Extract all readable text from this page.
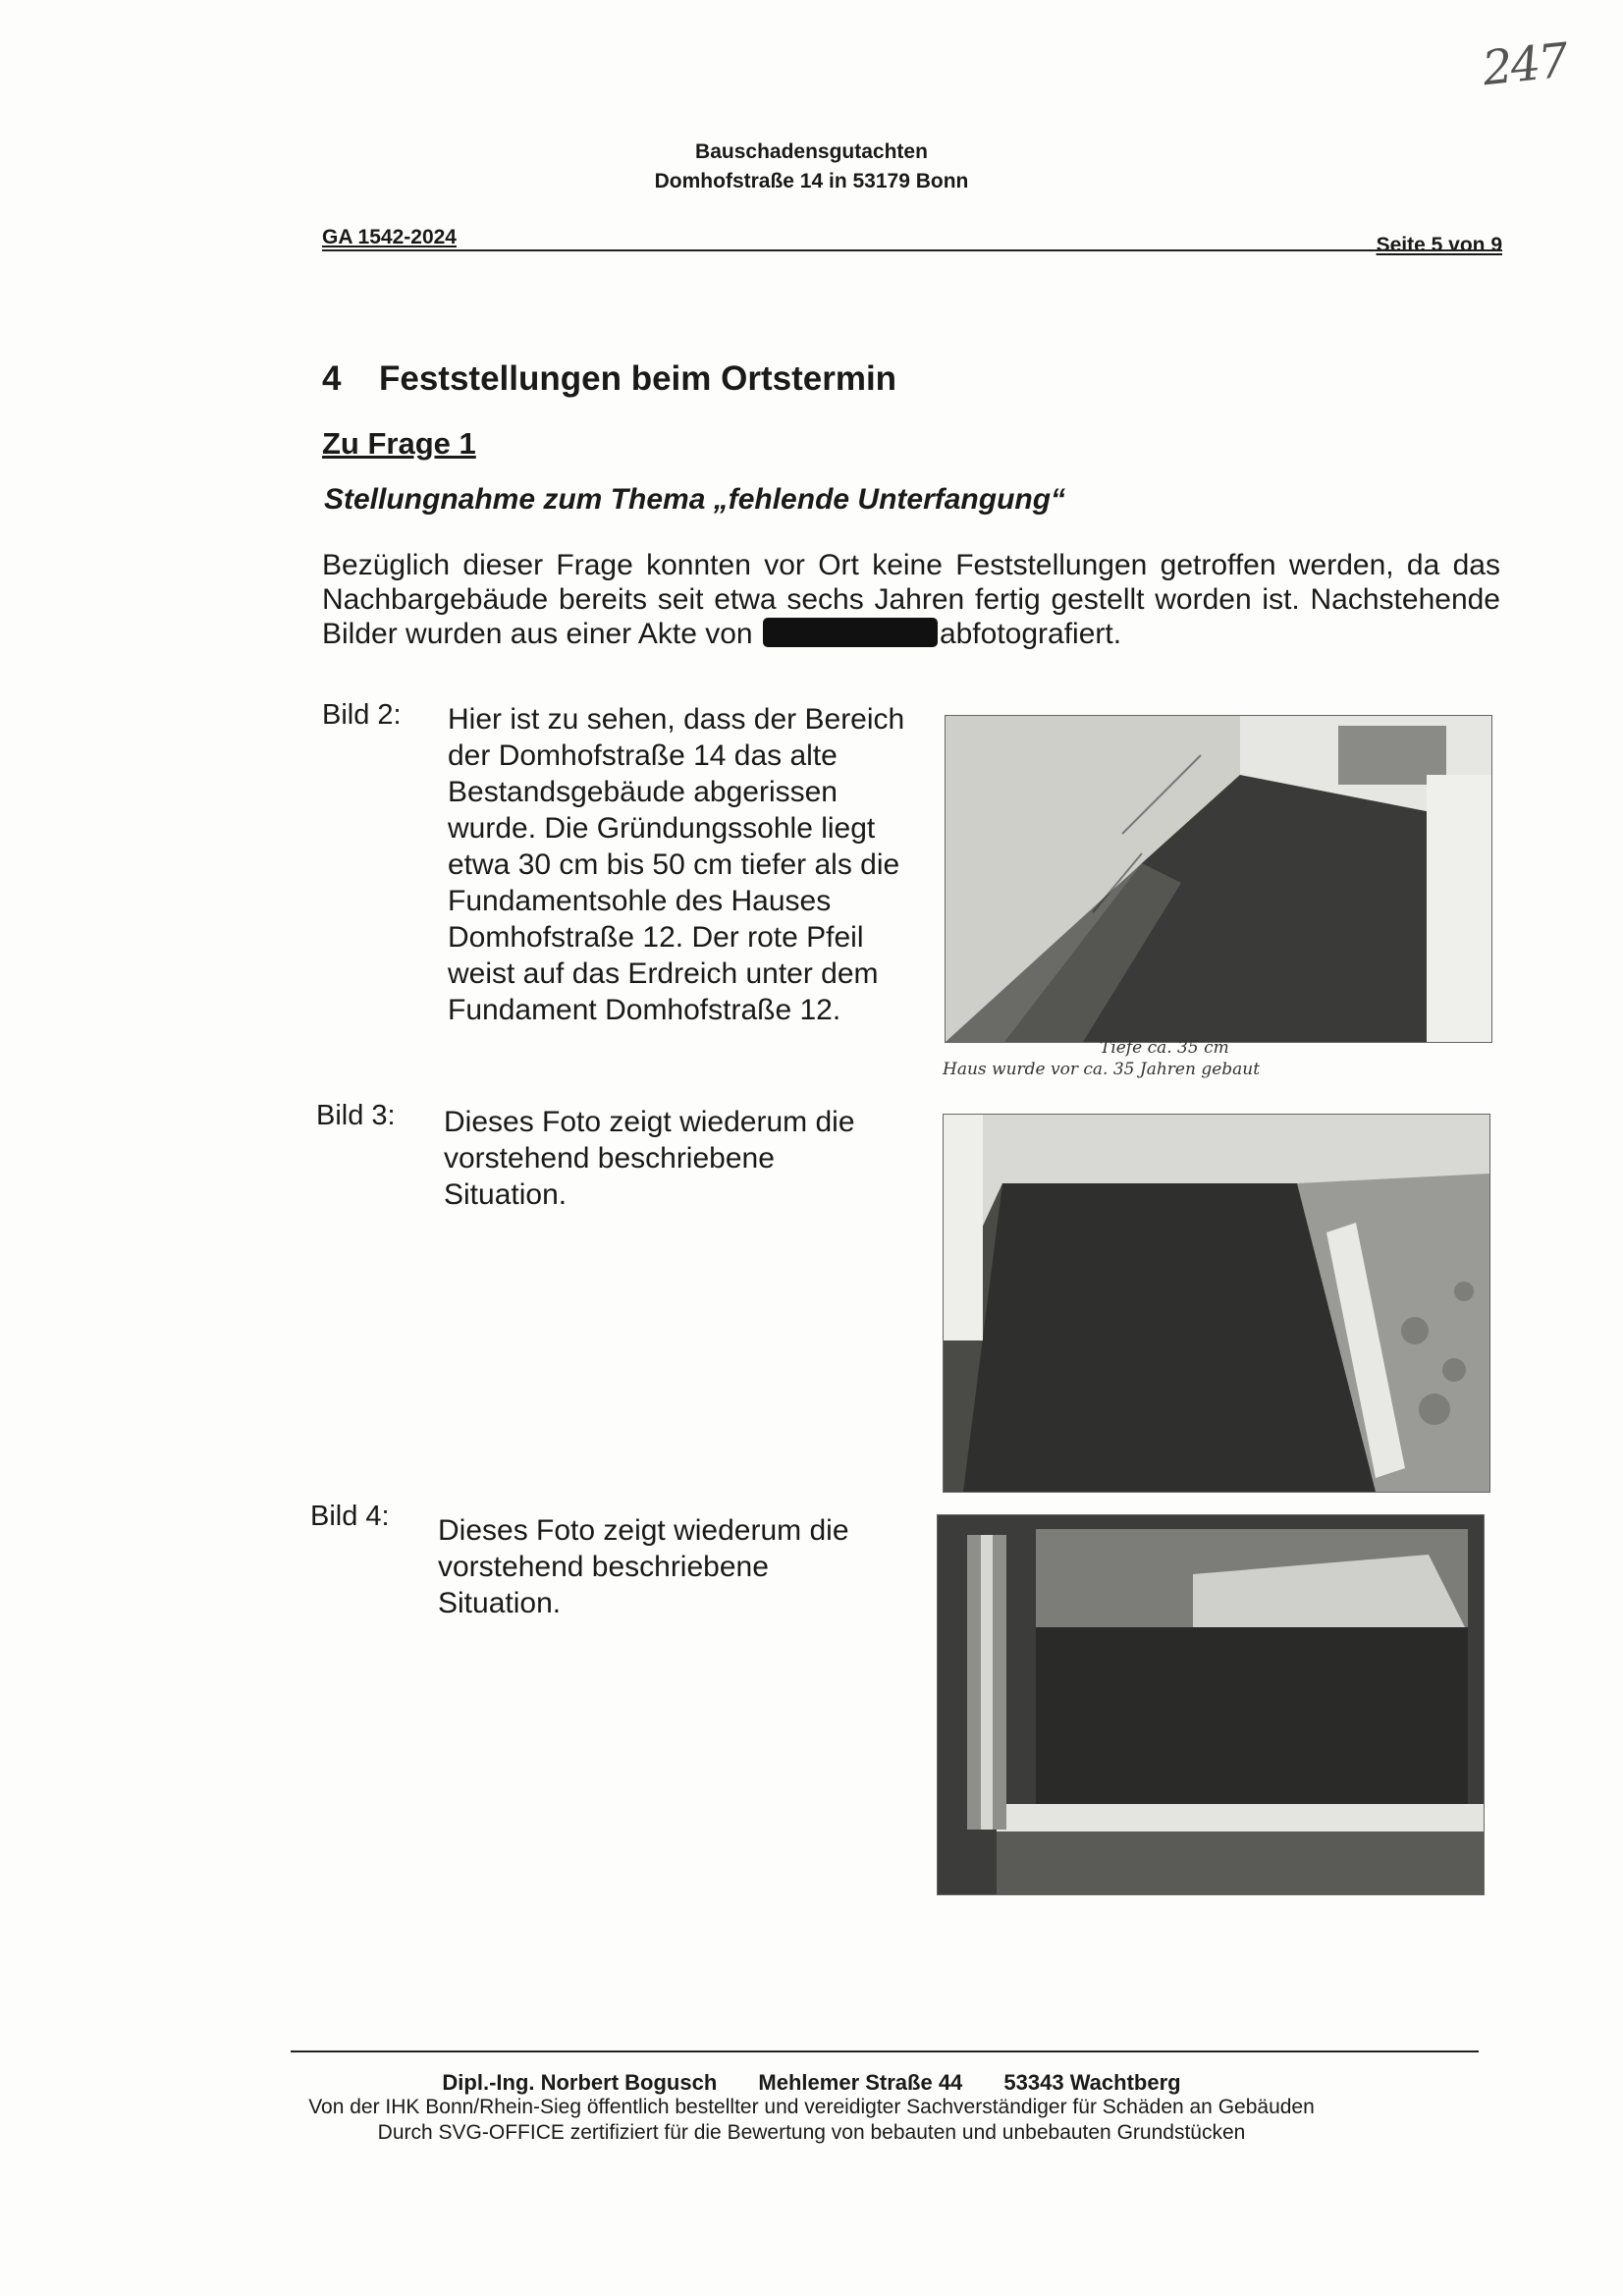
247
Bauschadensgutachten
Domhofstraße 14 in 53179 Bonn
GA 1542-2024	Seite 5 von 9
4 Feststellungen beim Ortstermin
Zu Frage 1
Stellungnahme zum Thema „fehlende Unterfangung“
Bezüglich dieser Frage konnten vor Ort keine Feststellungen getroffen werden, da das Nachbargebäude bereits seit etwa sechs Jahren fertig gestellt worden ist. Nachstehende Bilder wurden aus einer Akte von	abfotografiert.
Bild 2: Hier ist zu sehen, dass der Bereich der Domhofstraße 14 das alte Bestandsgebäude abgerissen wurde. Die Gründungssohle liegt etwa 30 cm bis 50 cm tiefer als die Fundamentsohle des Hauses Domhofstraße 12. Der rote Pfeil weist auf das Erdreich unter dem Fundament Domhofstraße 12.
Tiefe ca. 35 cm
Haus wurde vor ca. 35 Jahren gebaut
Bild 3: Dieses Foto zeigt wiederum die vorstehend beschriebene Situation.
Bild 4: Dieses Foto zeigt wiederum die vorstehend beschriebene Situation.
Dipl.-Ing. Norbert Bogusch Mehlemer Straße 44 53343 Wachtberg
Von der IHK Bonn/Rhein-Sieg öffentlich bestellter und vereidigter Sachverständiger für Schäden an Gebäuden
Durch SVG-OFFICE zertifiziert für die Bewertung von bebauten und unbebauten Grundstücken
